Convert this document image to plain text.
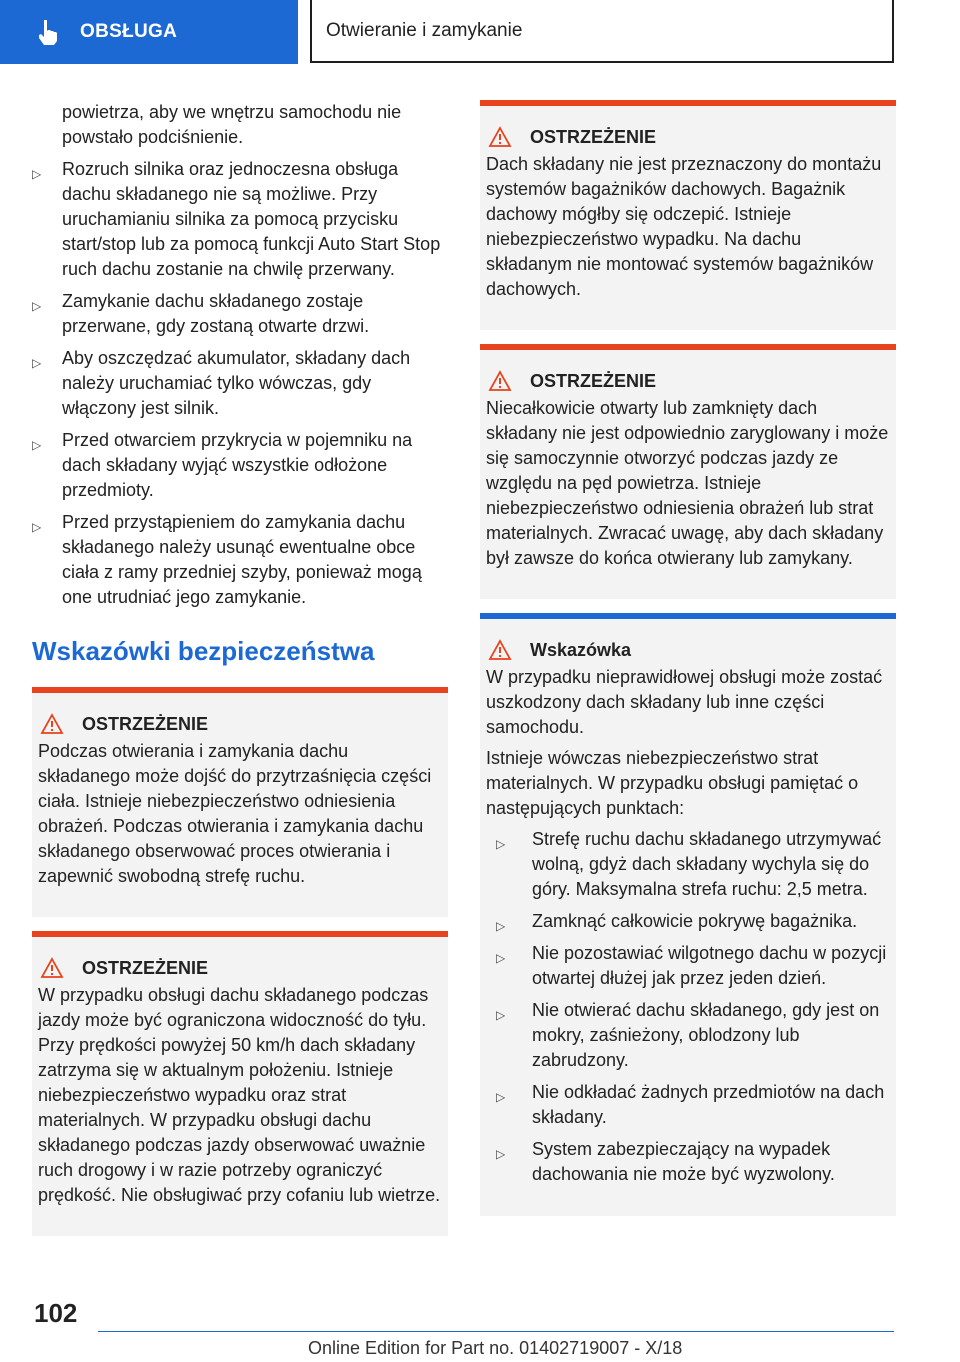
OBSŁUGA	Otwieranie i zamykanie

powietrza, aby we wnętrzu samochodu nie powstało podciśnienie.

▷ Rozruch silnika oraz jednoczesna obsługa dachu składanego nie są możliwe. Przy uruchamianiu silnika za pomocą przycisku start/stop lub za pomocą funkcji Auto Start Stop ruch dachu zostanie na chwilę przerwany.
▷ Zamykanie dachu składanego zostaje przerwane, gdy zostaną otwarte drzwi.
▷ Aby oszczędzać akumulator, składany dach należy uruchamiać tylko wówczas, gdy włączony jest silnik.
▷ Przed otwarciem przykrycia w pojemniku na dach składany wyjąć wszystkie odłożone przedmioty.
▷ Przed przystąpieniem do zamykania dachu składanego należy usunąć ewentualne obce ciała z ramy przedniej szyby, ponieważ mogą one utrudniać jego zamykanie.
Wskazówki bezpieczeństwa
OSTRZEŻENIE

Podczas otwierania i zamykania dachu składanego może dojść do przytrzaśnięcia części ciała. Istnieje niebezpieczeństwo odniesienia obrażeń. Podczas otwierania i zamykania dachu składanego obserwować proces otwierania i zapewnić swobodną strefę ruchu.

OSTRZEŻENIE

W przypadku obsługi dachu składanego podczas jazdy może być ograniczona widoczność do tyłu. Przy prędkości powyżej 50 km/h dach składany zatrzyma się w aktualnym położeniu. Istnieje niebezpieczeństwo wypadku oraz strat materialnych. W przypadku obsługi dachu składanego podczas jazdy obserwować uważnie ruch drogowy i w razie potrzeby ograniczyć prędkość. Nie obsługiwać przy cofaniu lub wietrze.

OSTRZEŻENIE

Dach składany nie jest przeznaczony do montażu systemów bagażników dachowych. Bagażnik dachowy mógłby się odczepić. Istnieje niebezpieczeństwo wypadku. Na dachu składanym nie montować systemów bagażników dachowych.

OSTRZEŻENIE

Niecałkowicie otwarty lub zamknięty dach składany nie jest odpowiednio zaryglowany i może się samoczynnie otworzyć podczas jazdy ze względu na pęd powietrza. Istnieje niebezpieczeństwo odniesienia obrażeń lub strat materialnych. Zwracać uwagę, aby dach składany był zawsze do końca otwierany lub zamykany.

Wskazówka

W przypadku nieprawidłowej obsługi może zostać uszkodzony dach składany lub inne części samochodu.

Istnieje wówczas niebezpieczeństwo strat materialnych. W przypadku obsługi pamiętać o następujących punktach:

▷ Strefę ruchu dachu składanego utrzymywać wolną, gdyż dach składany wychyla się do góry. Maksymalna strefa ruchu: 2,5 metra.
▷ Zamknąć całkowicie pokrywę bagażnika.
▷ Nie pozostawiać wilgotnego dachu w pozycji otwartej dłużej jak przez jeden dzień.
▷ Nie otwierać dachu składanego, gdy jest on mokry, zaśnieżony, oblodzony lub zabrudzony.
▷ Nie odkładać żadnych przedmiotów na dach składany.
▷ System zabezpieczający na wypadek dachowania nie może być wyzwolony.
102
Online Edition for Part no. 01402719007 - X/18
